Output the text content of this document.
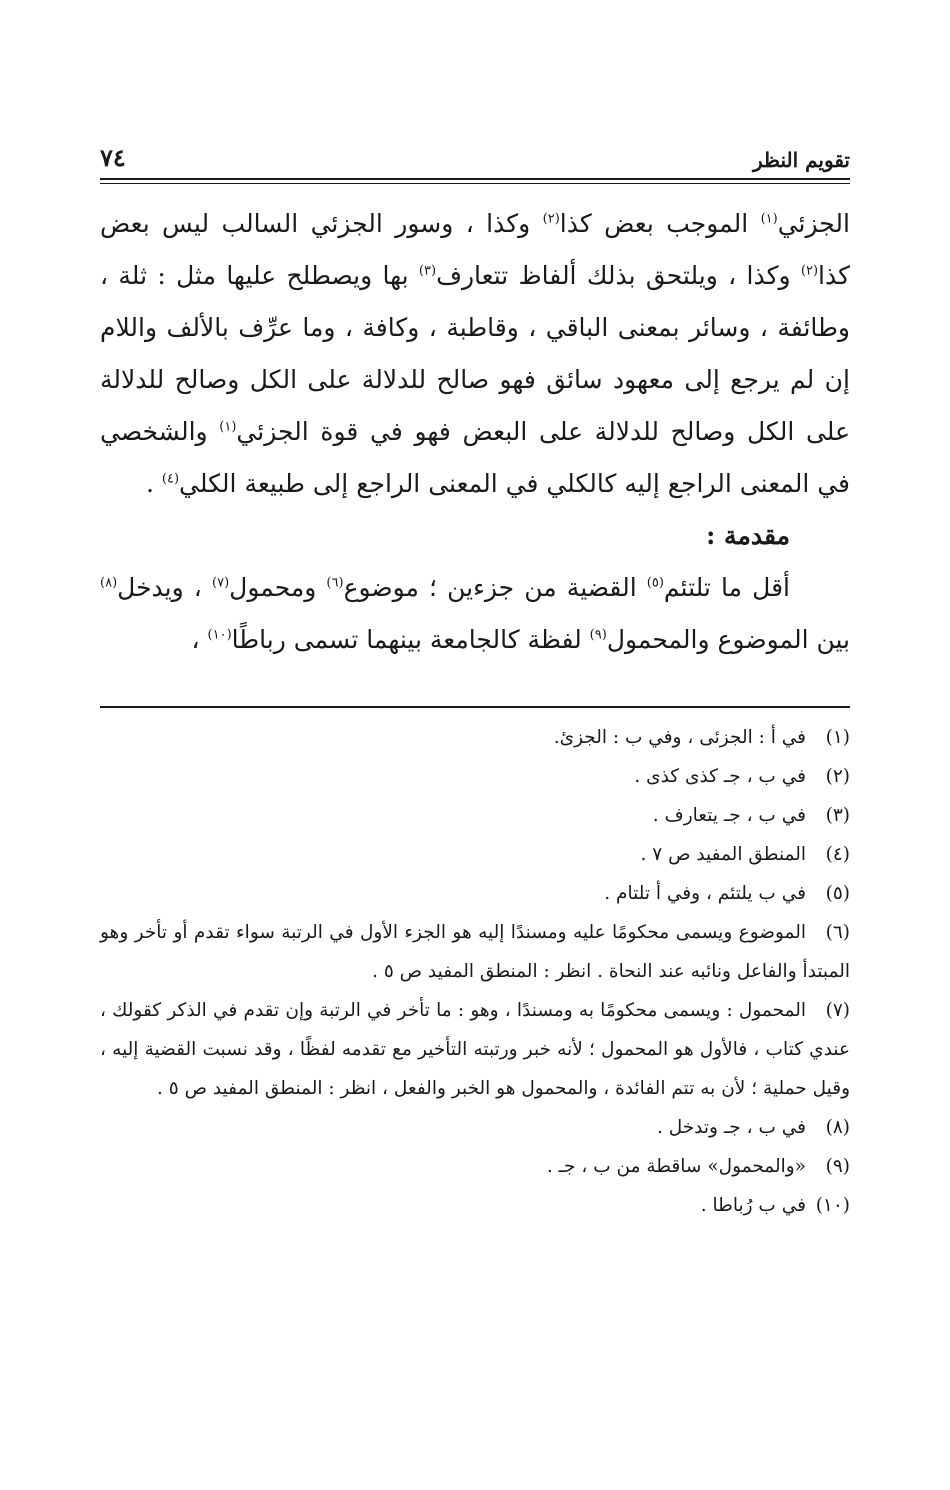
تقويم النظر
٧٤

الجزئي$^{(١)}$ الموجب بعض كذا$^{(٢)}$ وكذا ، وسور الجزئي السالب ليس بعض كذا$^{(٢)}$ وكذا ، ويلتحق بذلك ألفاظ تتعارف$^{(٣)}$ بها ويصطلح عليها مثل : ثلة ، وطائفة ، وسائر بمعنى الباقي ، وقاطبة ، وكافة ، وما عرِّف بالألف واللام إن لم يرجع إلى معهود سائق فهو صالح للدلالة على الكل وصالح للدلالة على الكل وصالح للدلالة على البعض فهو في قوة الجزئي$^{(١)}$ والشخصي في المعنى الراجع إليه كالكلي في المعنى الراجع إلى طبيعة الكلي$^{(٤)}$ .

مقدمة :

أقل ما تلتئم$^{(٥)}$ القضية من جزءين ؛ موضوع$^{(٦)}$ ومحمول$^{(٧)}$ ، ويدخل$^{(٨)}$ بين الموضوع والمحمول$^{(٩)}$ لفظة كالجامعة بينهما تسمى رباطًا$^{(١٠)}$ ،

(١)في أ : الجزئى ، وفي ب : الجزئ.
(٢)في ب ، جـ كذى كذى .
(٣)في ب ، جـ يتعارف .
(٤)المنطق المفيد ص ٧ .
(٥)في ب يلتئم ، وفي أ تلتام .
(٦)الموضوع ويسمى محكومًا عليه ومسندًا إليه هو الجزء الأول في الرتبة سواء تقدم أو تأخر وهو المبتدأ والفاعل ونائبه عند النحاة . انظر : المنطق المفيد ص ٥ .
(٧)المحمول : ويسمى محكومًا به ومسندًا ، وهو : ما تأخر في الرتبة وإن تقدم في الذكر كقولك ، عندي كتاب ، فالأول هو المحمول ؛ لأنه خبر ورتبته التأخير مع تقدمه لفظًا ، وقد نسبت القضية إليه ، وقيل حملية ؛ لأن به تتم الفائدة ، والمحمول هو الخبر والفعل ، انظر : المنطق المفيد ص ٥ .
(٨)في ب ، جـ وتدخل .
(٩)«والمحمول» ساقطة من ب ، جـ .
(١٠)في ب رُباطا .
